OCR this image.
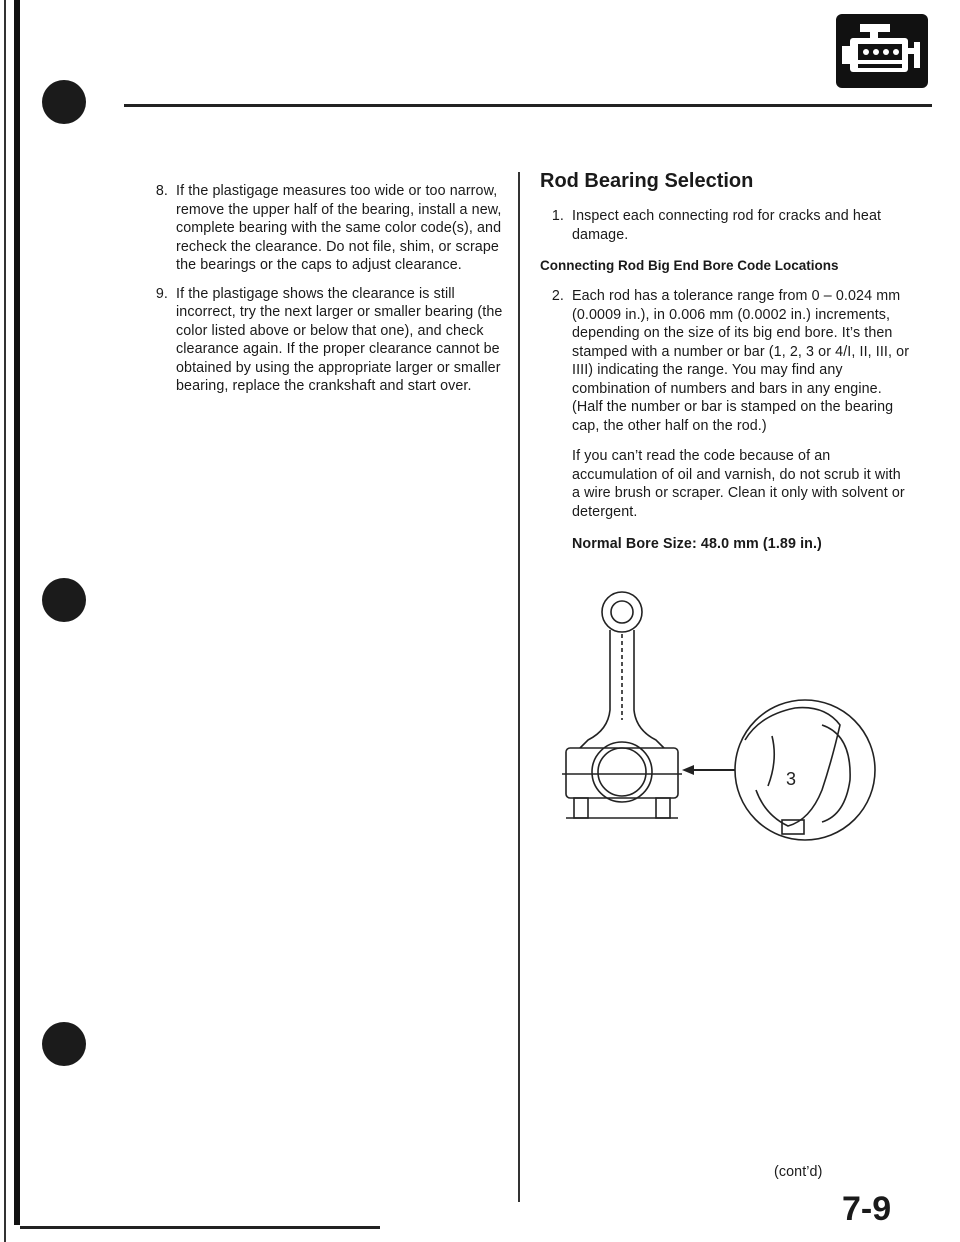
8. If the plastigage measures too wide or too narrow, remove the upper half of the bearing, install a new, complete bearing with the same color code(s), and recheck the clearance. Do not file, shim, or scrape the bearings or the caps to adjust clearance.
9. If the plastigage shows the clearance is still incorrect, try the next larger or smaller bearing (the color listed above or below that one), and check clearance again. If the proper clearance cannot be obtained by using the appropriate larger or smaller bearing, replace the crankshaft and start over.
Rod Bearing Selection
1. Inspect each connecting rod for cracks and heat damage.
Connecting Rod Big End Bore Code Locations
2. Each rod has a tolerance range from 0 – 0.024 mm (0.0009 in.), in 0.006 mm (0.0002 in.) increments, depending on the size of its big end bore. It’s then stamped with a number or bar (1, 2, 3 or 4/I, II, III, or IIII) indicating the range. You may find any combination of numbers and bars in any engine. (Half the number or bar is stamped on the bearing cap, the other half on the rod.)
If you can’t read the code because of an accumulation of oil and varnish, do not scrub it with a wire brush or scraper. Clean it only with solvent or detergent.
Normal Bore Size: 48.0 mm (1.89 in.)
3
(cont’d)
7-9
